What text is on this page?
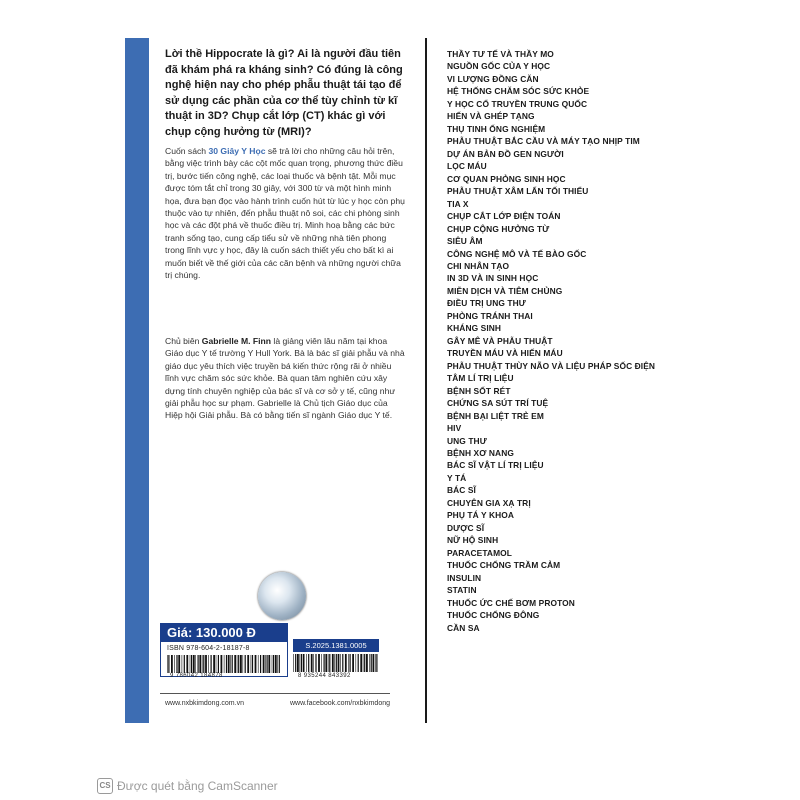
Lời thề Hippocrate là gì? Ai là người đầu tiên đã khám phá ra kháng sinh? Có đúng là công nghệ hiện nay cho phép phẫu thuật tái tạo để sử dụng các phần của cơ thể tùy chỉnh từ kĩ thuật in 3D? Chụp cắt lớp (CT) khác gì với chụp cộng hưởng từ (MRI)?
Cuốn sách 30 Giây Y Học sẽ trả lời cho những câu hỏi trên, bằng việc trình bày các cột mốc quan trọng, phương thức điều trị, bước tiến công nghệ, các loại thuốc và bệnh tật. Mỗi mục được tóm tắt chỉ trong 30 giây, với 300 từ và một hình minh họa, đưa bạn đọc vào hành trình cuốn hút từ lúc y học còn phụ thuộc vào tự nhiên, đến phẫu thuật nô soi, các chi phòng sinh học và các đột phá về thuốc điều trị. Minh hoạ bằng các bức tranh sống tạo, cung cấp tiểu sử về những nhà tiên phong trong lĩnh vực y học, đây là cuốn sách thiết yếu cho bất kì ai muốn biết về thế giới của các căn bệnh và những người chữa trị chúng.
Chủ biên Gabrielle M. Finn là giảng viên lâu năm tại khoa Giáo dục Y tế trường Y Hull York. Bà là bác sĩ giải phẫu và nhà giáo dục yêu thích việc truyền bá kiến thức rộng rãi ở nhiều lĩnh vực chăm sóc sức khỏe. Bà quan tâm nghiên cứu xây dựng tính chuyên nghiệp của bác sĩ và cơ sở y tế, cũng như giải phẫu học sư phạm. Gabrielle là Chủ tịch Giáo dục của Hiệp hội Giải phẫu. Bà có bằng tiến sĩ ngành Giáo dục Y tế.
Giá: 130.000 Đ
ISBN 978-604-2-18187-8
9 786042 184878
S.2025.1381.0005
8 935244 843392
www.nxbkimdong.com.vn	www.facebook.com/nxbkimdong
THẦY TƯ TẾ VÀ THẦY MO
NGUỒN GỐC CỦA Y HỌC
VI LƯỢNG ĐỒNG CĂN
HỆ THỐNG CHĂM SÓC SỨC KHỎE
Y HỌC CỔ TRUYỀN TRUNG QUỐC
HIẾN VÀ GHÉP TẠNG
THỤ TINH ỐNG NGHIỆM
PHẪU THUẬT BẮC CẦU VÀ MÁY TẠO NHỊP TIM
DỰ ÁN BẢN ĐỒ GEN NGƯỜI
LỌC MÁU
CƠ QUAN PHỎNG SINH HỌC
PHẪU THUẬT XÂM LẤN TỐI THIỂU
TIA X
CHỤP CẮT LỚP ĐIỆN TOÁN
CHỤP CỘNG HƯỞNG TỪ
SIÊU ÂM
CÔNG NGHỆ MÔ VÀ TẾ BÀO GỐC
CHI NHÂN TẠO
IN 3D VÀ IN SINH HỌC
MIỄN DỊCH VÀ TIÊM CHỦNG
ĐIỀU TRỊ UNG THƯ
PHÒNG TRÁNH THAI
KHÁNG SINH
GÂY MÊ VÀ PHẪU THUẬT
TRUYỀN MÁU VÀ HIẾN MÁU
PHẪU THUẬT THÙY NÃO VÀ LIỆU PHÁP SỐC ĐIỆN
TÂM LÍ TRỊ LIỆU
BỆNH SỐT RÉT
CHỨNG SA SÚT TRÍ TUỆ
BỆNH BẠI LIỆT TRẺ EM
HIV
UNG THƯ
BỆNH XƠ NANG
BÁC SĨ VẬT LÍ TRỊ LIỆU
Y TÁ
BÁC SĨ
CHUYÊN GIA XẠ TRỊ
PHỤ TÁ Y KHOA
DƯỢC SĨ
NỮ HỘ SINH
PARACETAMOL
THUỐC CHỐNG TRẦM CẢM
INSULIN
STATIN
THUỐC ỨC CHẾ BƠM PROTON
THUỐC CHỐNG ĐÔNG
CẦN SA
CS Được quét bằng CamScanner
